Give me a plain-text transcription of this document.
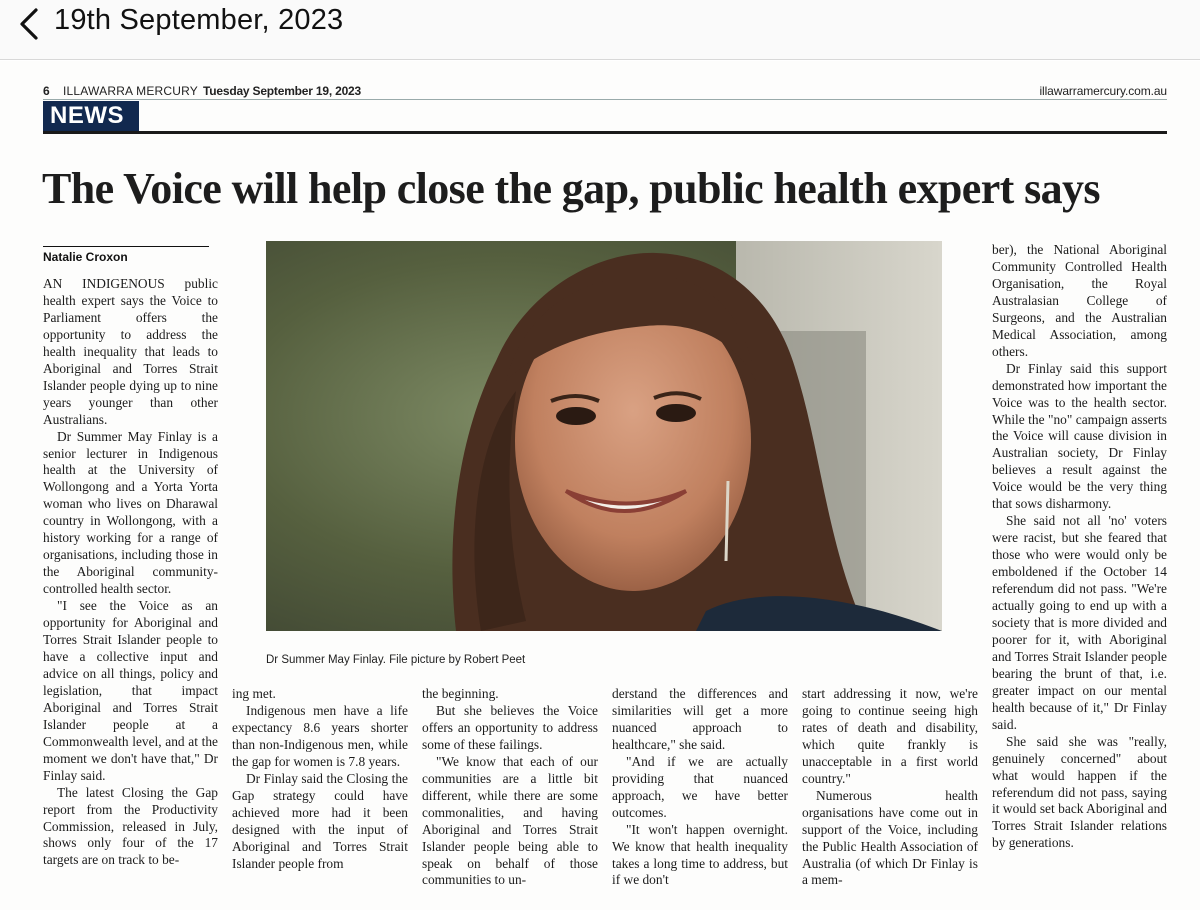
19th September, 2023
6 ILLAWARRA MERCURY Tuesday September 19, 2023	illawarramercury.com.au
NEWS
The Voice will help close the gap, public health expert says
Natalie Croxon

AN INDIGENOUS public health expert says the Voice to Parliament offers the opportunity to address the health inequality that leads to Aboriginal and Torres Strait Islander people dying up to nine years younger than other Australians.

Dr Summer May Finlay is a senior lecturer in Indigenous health at the University of Wollongong and a Yorta Yorta woman who lives on Dharawal country in Wollongong, with a history working for a range of organisations, including those in the Aboriginal community-controlled health sector.

"I see the Voice as an opportunity for Aboriginal and Torres Strait Islander people to have a collective input and advice on all things, policy and legislation, that impact Aboriginal and Torres Strait Islander people at a Commonwealth level, and at the moment we don't have that," Dr Finlay said.

The latest Closing the Gap report from the Productivity Commission, released in July, shows only four of the 17 targets are on track to be-

ing met.

Indigenous men have a life expectancy 8.6 years shorter than non-Indigenous men, while the gap for women is 7.8 years.

Dr Finlay said the Closing the Gap strategy could have achieved more had it been designed with the input of Aboriginal and Torres Strait Islander people from

the beginning.

But she believes the Voice offers an opportunity to address some of these failings.

"We know that each of our communities are a little bit different, while there are some commonalities, and having Aboriginal and Torres Strait Islander people being able to speak on behalf of those communities to un-

derstand the differences and similarities will get a more nuanced approach to healthcare," she said.

"And if we are actually providing that nuanced approach, we have better outcomes.

"It won't happen overnight. We know that health inequality takes a long time to address, but if we don't

start addressing it now, we're going to continue seeing high rates of death and disability, which quite frankly is unacceptable in a first world country."

Numerous health organisations have come out in support of the Voice, including the Public Health Association of Australia (of which Dr Finlay is a mem-

ber), the National Aboriginal Community Controlled Health Organisation, the Royal Australasian College of Surgeons, and the Australian Medical Association, among others.

Dr Finlay said this support demonstrated how important the Voice was to the health sector. While the "no" campaign asserts the Voice will cause division in Australian society, Dr Finlay believes a result against the Voice would be the very thing that sows disharmony.

She said not all 'no' voters were racist, but she feared that those who were would only be emboldened if the October 14 referendum did not pass. "We're actually going to end up with a society that is more divided and poorer for it, with Aboriginal and Torres Strait Islander people bearing the brunt of that, i.e. greater impact on our mental health because of it," Dr Finlay said.

She said she was "really, genuinely concerned" about what would happen if the referendum did not pass, saying it would set back Aboriginal and Torres Strait Islander relations by generations.

Dr Summer May Finlay. File picture by Robert Peet
